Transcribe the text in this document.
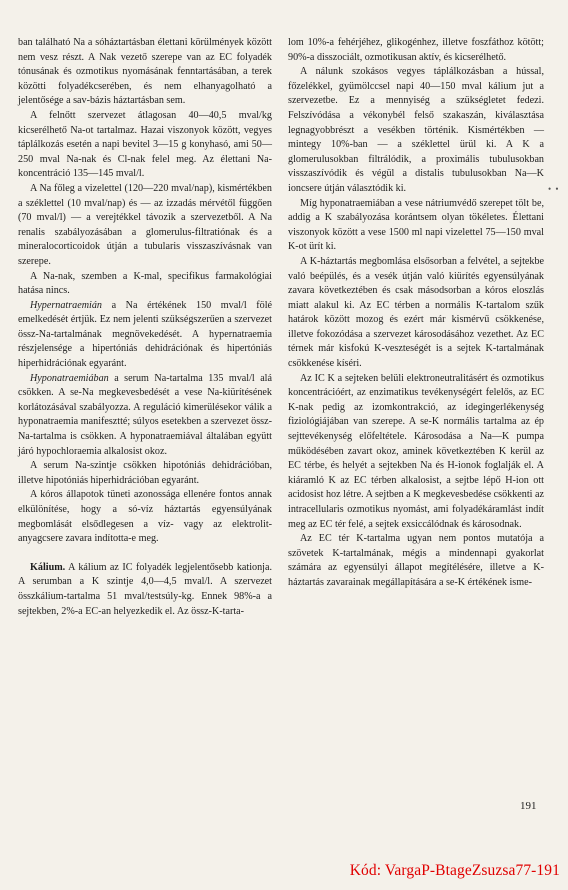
ban található Na a sóháztartásban élettani körülmények között nem vesz részt. A Nak vezető szerepe van az EC folyadék tónusának és ozmotikus nyomásának fenntartásában, a terek közötti folyadékcserében, és nem elhanyagolható a jelentősége a sav-bázis háztartásban sem.

A felnőtt szervezet átlagosan 40—40,5 mval/kg kicserélhető Na-ot tartalmaz. Hazai viszonyok között, vegyes táplálkozás esetén a napi bevitel 3—15 g konyhasó, ami 50—250 mval Na-nak és Cl-nak felel meg. Az élettani Na-koncentráció 135—145 mval/l.

A Na főleg a vizelettel (120—220 mval/nap), kismértékben a széklettel (10 mval/nap) és — az izzadás mérvétől függően (70 mval/l) — a verejtékkel távozik a szervezetből. A Na renalis szabályozásában a glomerulus-filtratiónak és a mineralocorticoidok útján a tubularis visszaszívásnak van szerepe.

A Na-nak, szemben a K-mal, specifikus farmakológiai hatása nincs.

Hypernatraemián a Na értékének 150 mval/l fölé emelkedését értjük. Ez nem jelenti szükségszerűen a szervezet össz-Na-tartalmának megnövekedését. A hypernatraemia részjelensége a hipertóniás dehidrációnak és hipertóniás hiperhidrációnak egyaránt.

Hyponatraemiában a serum Na-tartalma 135 mval/l alá csökken. A se-Na megkevesbedését a vese Na-kiürítésének korlátozásával szabályozza. A reguláció kimerülésekor válik a hyponatraemia manifesztté; súlyos esetekben a szervezet össz-Na-tartalma is csökken. A hyponatraemiával általában együtt járó hypochloraemia alkalosist okoz.

A serum Na-szintje csökken hipotóniás dehidrációban, illetve hipotóniás hiperhidrációban egyaránt.

A kóros állapotok tüneti azonossága ellenére fontos annak elkülönítése, hogy a só-víz háztartás egyensúlyának megbomlását elsődlegesen a víz- vagy az elektrolit-anyagcsere zavara indította-e meg.

Kálium. A kálium az IC folyadék legjelentősebb kationja. A serumban a K szintje 4,0—4,5 mval/l. A szervezet összkálium-tartalma 51 mval/testsúly-kg. Ennek 98%-a a sejtekben, 2%-a EC-an helyezkedik el. Az össz-K-tarta-

lom 10%-a fehérjéhez, glikogénhez, illetve foszfáthoz kötött; 90%-a disszociált, ozmotikusan aktív, és kicserélhető.

A nálunk szokásos vegyes táplálkozásban a hússal, főzelékkel, gyümölccsel napi 40—150 mval kálium jut a szervezetbe. Ez a mennyiség a szükségletet fedezi. Felszívódása a vékonybél felső szakaszán, kiválasztása legnagyobbrészt a vesékben történik. Kismértékben — mintegy 10%-ban — a széklettel ürül ki. A K a glomerulusokban filtrálódik, a proximális tubulusokban visszaszívódik és végül a distalis tubulusokban Na—K ioncsere útján választódik ki.

Míg hyponatraemiában a vese nátriumvédő szerepet tölt be, addig a K szabályozása korántsem olyan tökéletes. Élettani viszonyok között a vese 1500 ml napi vizelettel 75—150 mval K-ot ürít ki.

A K-háztartás megbomlása elsősorban a felvétel, a sejtekbe való beépülés, és a vesék útján való kiürítés egyensúlyának zavara következtében és csak másodsorban a kóros eloszlás miatt alakul ki. Az EC térben a normális K-tartalom szűk határok között mozog és ezért már kismérvű csökkenése, illetve fokozódása a szervezet károsodásához vezethet. Az EC térnek már kisfokú K-veszteségét is a sejtek K-tartalmának csökkenése kíséri.

Az IC K a sejteken belüli elektroneutralitásért és ozmotikus koncentrációért, az enzimatikus tevékenységért felelős, az EC K-nak pedig az izomkontrakció, az idegingerlékenység fiziológiájában van szerepe. A se-K normális tartalma az ép sejttevékenység előfeltétele. Károsodása a Na—K pumpa működésében zavart okoz, aminek következtében K kerül az EC térbe, és helyét a sejtekben Na és H-ionok foglalják el. A kiáramló K az EC térben alkalosist, a sejtbe lépő H-ion ott acidosist hoz létre. A sejtben a K megkevesbedése csökkenti az intracellularis ozmotikus nyomást, ami folyadékáramlást indít meg az EC tér felé, a sejtek exsiccálódnak és károsodnak.

Az EC tér K-tartalma ugyan nem pontos mutatója a szövetek K-tartalmának, mégis a mindennapi gyakorlat számára az egyensúlyi állapot megítélésére, illetve a K-háztartás zavarainak megállapítására a se-K értékének isme-

• •
191
Kód: VargaP-BtageZsuzsa77-191
